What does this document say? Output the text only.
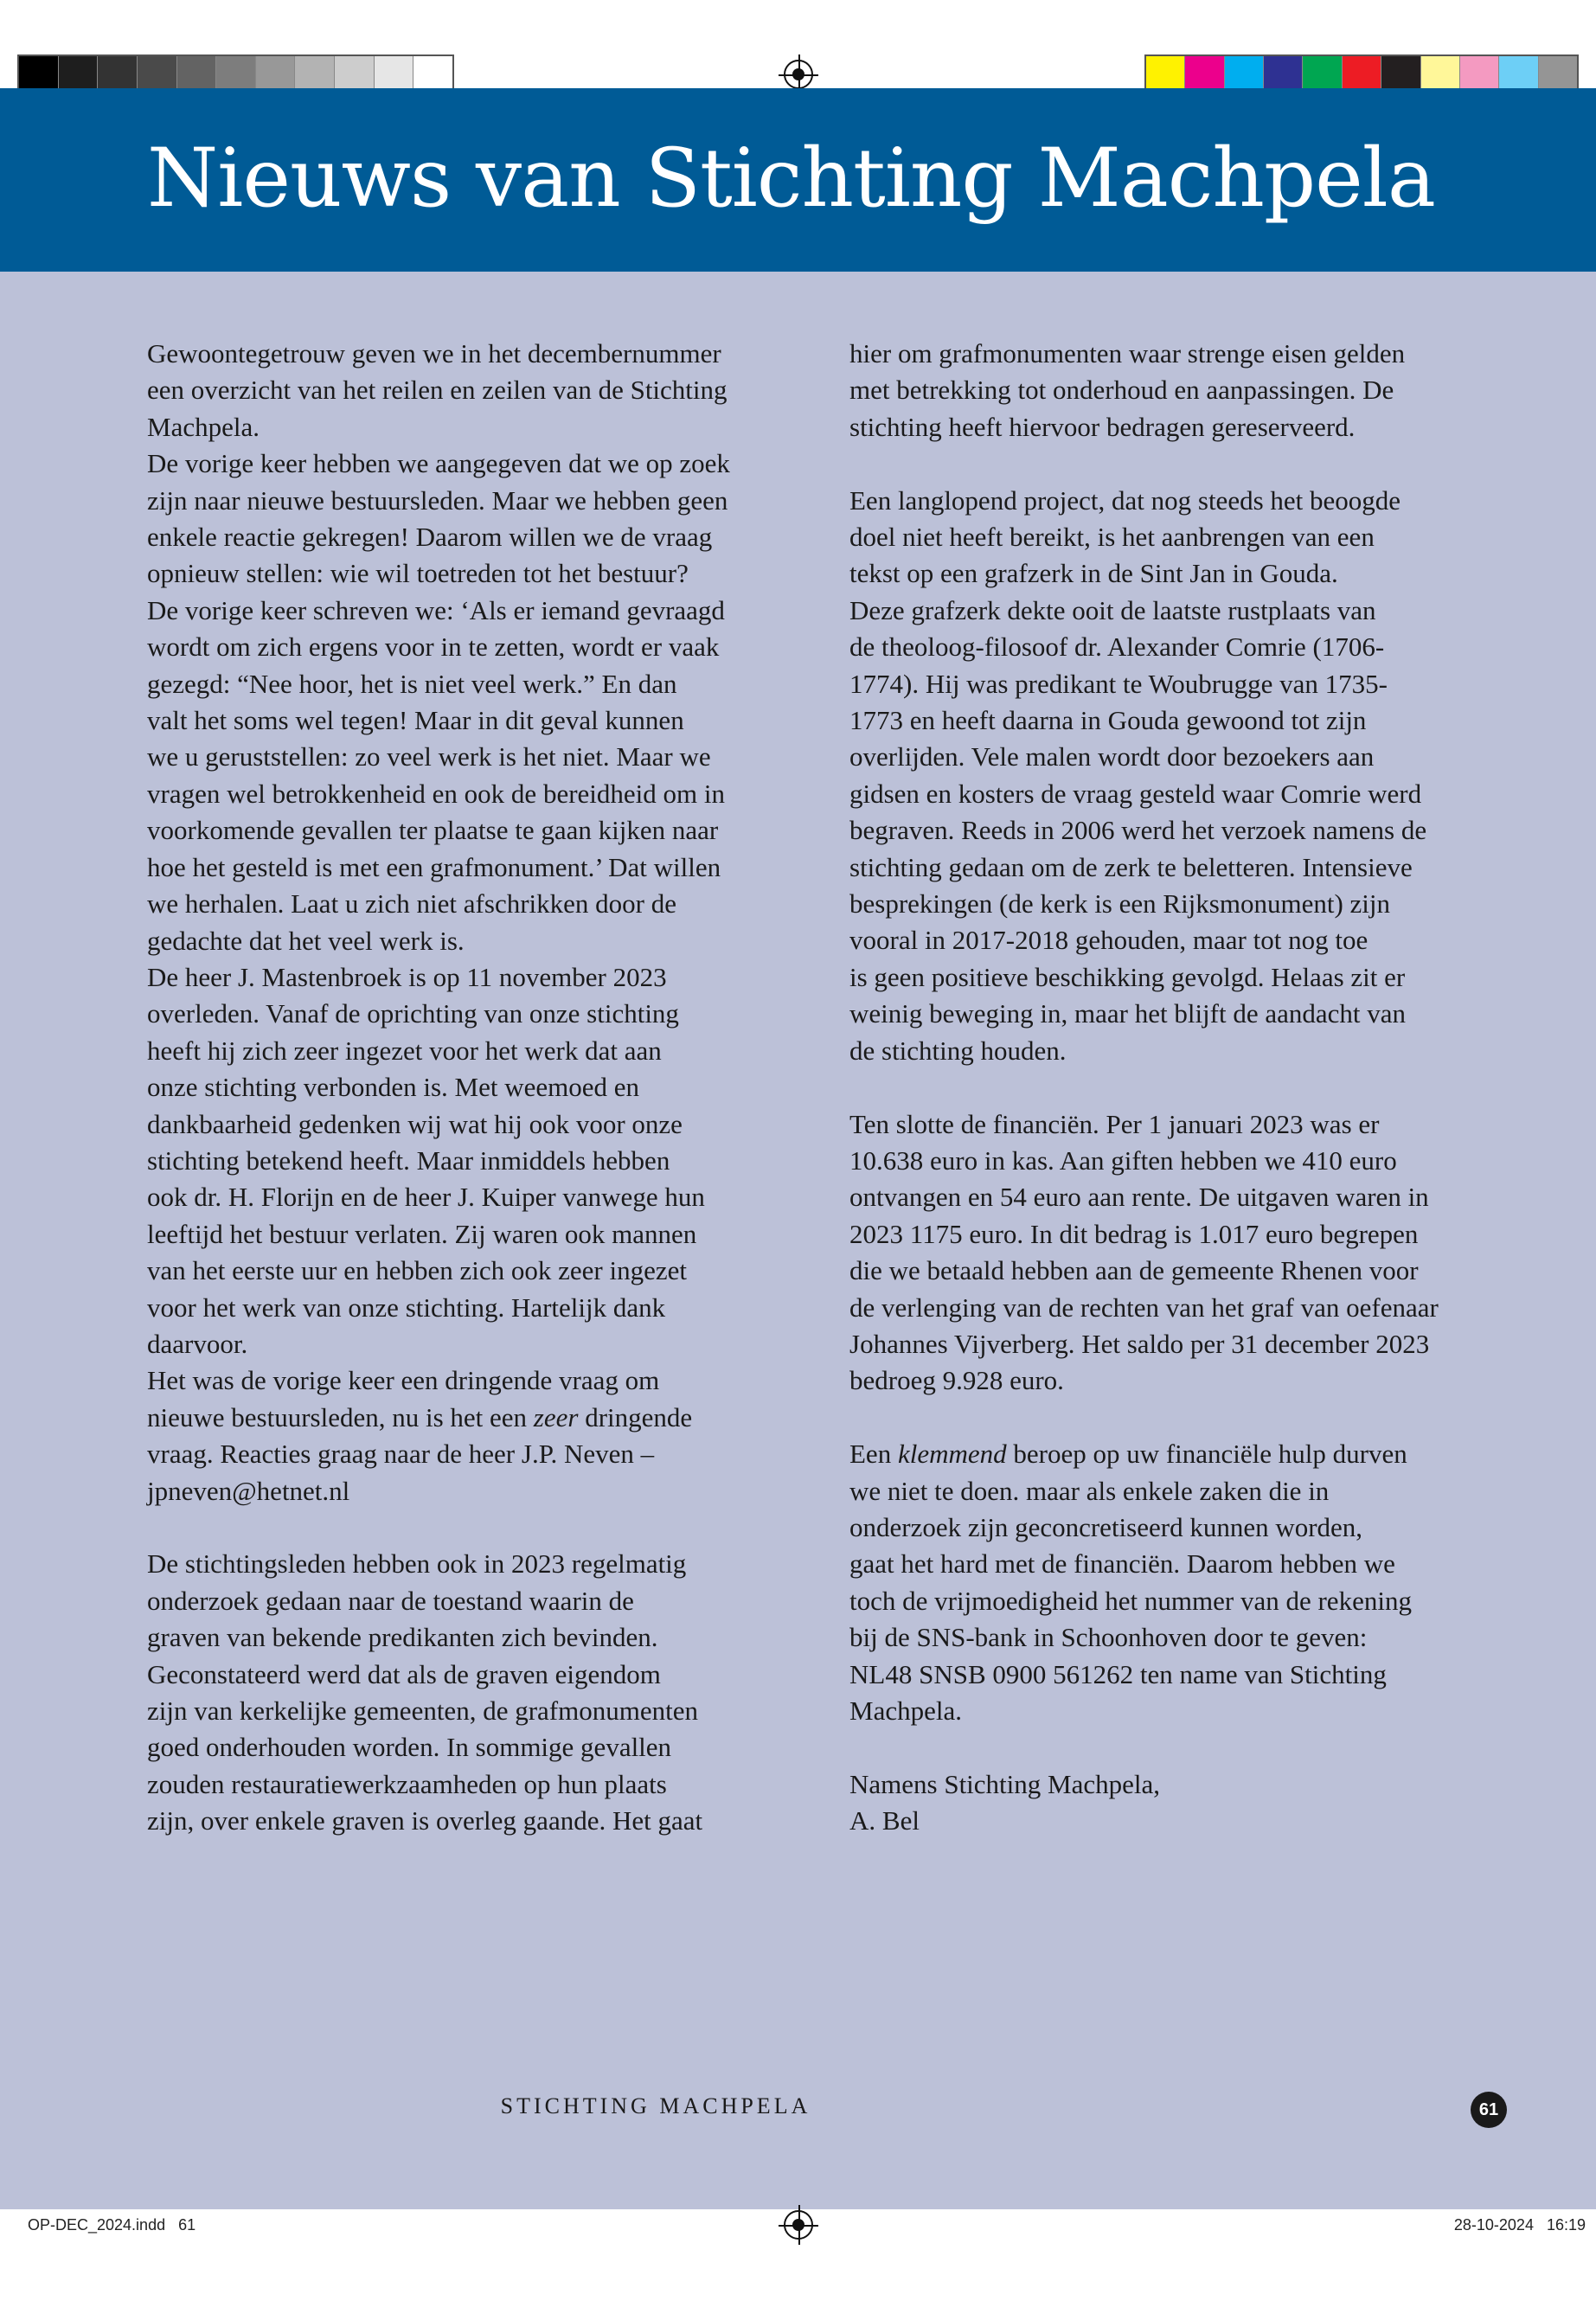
Nieuws van Stichting Machpela

Gewoontegetrouw geven we in het decembernummer
een overzicht van het reilen en zeilen van de Stichting
Machpela.

De vorige keer hebben we aangegeven dat we op zoek
zijn naar nieuwe bestuursleden. Maar we hebben geen
enkele reactie gekregen! Daarom willen we de vraag
opnieuw stellen: wie wil toetreden tot het bestuur?

De vorige keer schreven we: ‘Als er iemand gevraagd
wordt om zich ergens voor in te zetten, wordt er vaak
gezegd: “Nee hoor, het is niet veel werk.” En dan
valt het soms wel tegen! Maar in dit geval kunnen
we u geruststellen: zo veel werk is het niet. Maar we
vragen wel betrokkenheid en ook de bereidheid om in
voorkomende gevallen ter plaatse te gaan kijken naar
hoe het gesteld is met een grafmonument.’ Dat willen
we herhalen. Laat u zich niet afschrikken door de
gedachte dat het veel werk is.

De heer J. Mastenbroek is op 11 november 2023
overleden. Vanaf de oprichting van onze stichting
heeft hij zich zeer ingezet voor het werk dat aan
onze stichting verbonden is. Met weemoed en
dankbaarheid gedenken wij wat hij ook voor onze
stichting betekend heeft. Maar inmiddels hebben
ook dr. H. Florijn en de heer J. Kuiper vanwege hun
leeftijd het bestuur verlaten. Zij waren ook mannen
van het eerste uur en hebben zich ook zeer ingezet
voor het werk van onze stichting. Hartelijk dank
daarvoor.

Het was de vorige keer een dringende vraag om
nieuwe bestuursleden, nu is het een zeer dringende
vraag. Reacties graag naar de heer J.P. Neven –
jpneven@hetnet.nl

De stichtingsleden hebben ook in 2023 regelmatig
onderzoek gedaan naar de toestand waarin de
graven van bekende predikanten zich bevinden.
Geconstateerd werd dat als de graven eigendom
zijn van kerkelijke gemeenten, de grafmonumenten
goed onderhouden worden. In sommige gevallen
zouden restauratiewerkzaamheden op hun plaats
zijn, over enkele graven is overleg gaande. Het gaat

hier om grafmonumenten waar strenge eisen gelden
met betrekking tot onderhoud en aanpassingen. De
stichting heeft hiervoor bedragen gereserveerd.

Een langlopend project, dat nog steeds het beoogde
doel niet heeft bereikt, is het aanbrengen van een
tekst op een grafzerk in de Sint Jan in Gouda.

Deze grafzerk dekte ooit de laatste rustplaats van
de theoloog-filosoof dr. Alexander Comrie (1706-
1774). Hij was predikant te Woubrugge van 1735-
1773 en heeft daarna in Gouda gewoond tot zijn
overlijden. Vele malen wordt door bezoekers aan
gidsen en kosters de vraag gesteld waar Comrie werd
begraven. Reeds in 2006 werd het verzoek namens de
stichting gedaan om de zerk te beletteren. Intensieve
besprekingen (de kerk is een Rijksmonument) zijn
vooral in 2017-2018 gehouden, maar tot nog toe
is geen positieve beschikking gevolgd. Helaas zit er
weinig beweging in, maar het blijft de aandacht van
de stichting houden.

Ten slotte de financiën. Per 1 januari 2023 was er
10.638 euro in kas. Aan giften hebben we 410 euro
ontvangen en 54 euro aan rente. De uitgaven waren in
2023 1175 euro. In dit bedrag is 1.017 euro begrepen
die we betaald hebben aan de gemeente Rhenen voor
de verlenging van de rechten van het graf van oefenaar
Johannes Vijverberg. Het saldo per 31 december 2023
bedroeg 9.928 euro.

Een klemmend beroep op uw financiële hulp durven
we niet te doen. maar als enkele zaken die in
onderzoek zijn geconcretiseerd kunnen worden,
gaat het hard met de financiën. Daarom hebben we
toch de vrijmoedigheid het nummer van de rekening
bij de SNS-bank in Schoonhoven door te geven:
NL48 SNSB 0900 561262 ten name van Stichting
Machpela.

Namens Stichting Machpela,
A. Bel

STICHTING MACHPELA	61
OP-DEC_2024.indd   61	28-10-2024   16:19
